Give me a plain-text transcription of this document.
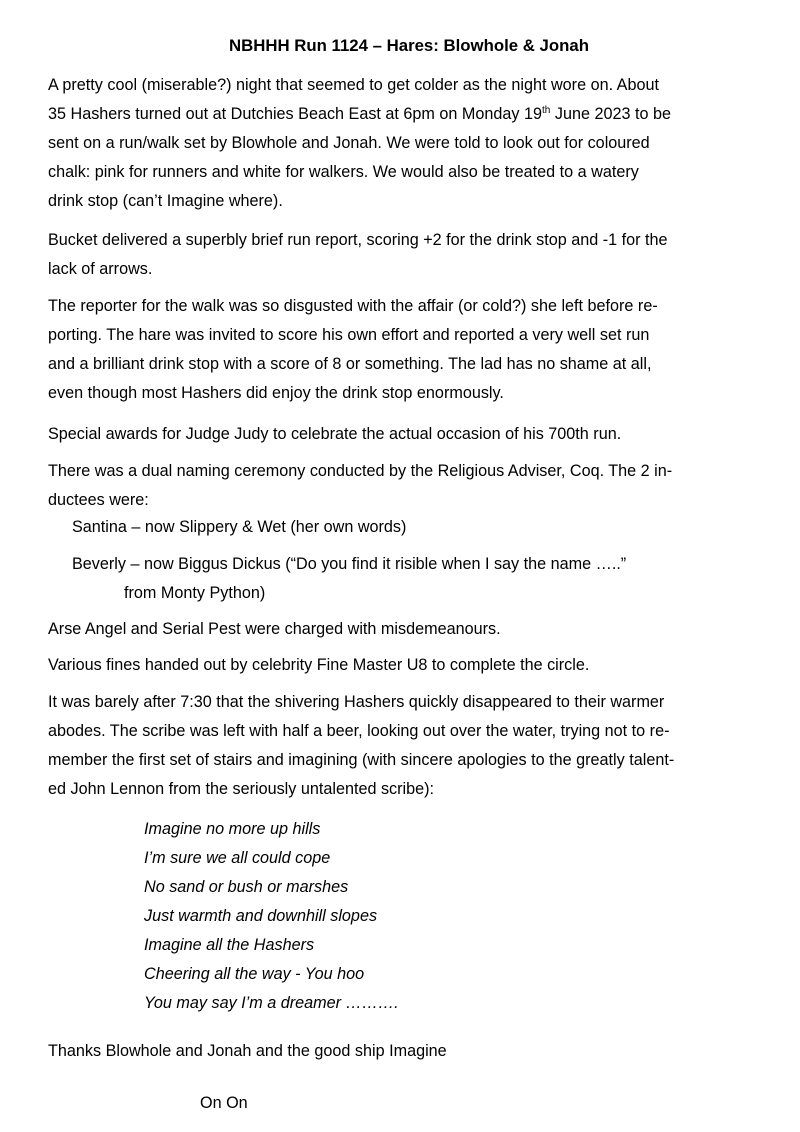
NBHHH Run 1124 – Hares: Blowhole & Jonah
A pretty cool (miserable?) night that seemed to get colder as the night wore on. About
35 Hashers turned out at Dutchies Beach East at 6pm on Monday 19th June 2023 to be
sent on a run/walk set by Blowhole and Jonah. We were told to look out for coloured
chalk: pink for runners and white for walkers. We would also be treated to a watery
drink stop (can’t Imagine where).
Bucket delivered a superbly brief run report, scoring +2 for the drink stop and -1 for the
lack of arrows.
The reporter for the walk was so disgusted with the affair (or cold?) she left before re-
porting. The hare was invited to score his own effort and reported a very well set run
and a brilliant drink stop with a score of 8 or something. The lad has no shame at all,
even though most Hashers did enjoy the drink stop enormously.
Special awards for Judge Judy to celebrate the actual occasion of his 700th run.
There was a dual naming ceremony conducted by the Religious Adviser, Coq. The 2 in-
ductees were:
Santina – now Slippery & Wet (her own words)
Beverly – now Biggus Dickus (“Do you find it risible when I say the name …..”
from Monty Python)
Arse Angel and Serial Pest were charged with misdemeanours.
Various fines handed out by celebrity Fine Master U8 to complete the circle.
It was barely after 7:30 that the shivering Hashers quickly disappeared to their warmer
abodes. The scribe was left with half a beer, looking out over the water, trying not to re-
member the first set of stairs and imagining (with sincere apologies to the greatly talent-
ed John Lennon from the seriously untalented scribe):
Imagine no more up hills
I’m sure we all could cope
No sand or bush or marshes
Just warmth and downhill slopes
Imagine all the Hashers
Cheering all the way - You hoo
You may say I’m a dreamer ……….
Thanks Blowhole and Jonah and the good ship Imagine
On On
